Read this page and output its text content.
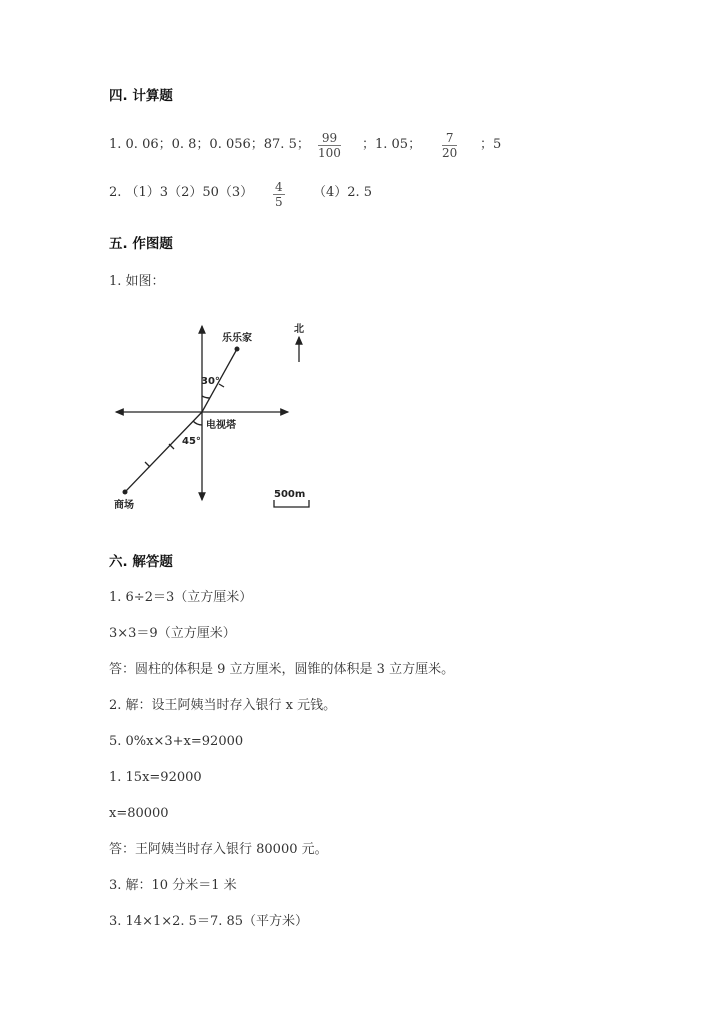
四. 计算题
1. 0. 06；0. 8；0. 056；87. 5； $\frac{99}{100}$ ；1. 05； $\frac{7}{20}$ ；5
2. $(1)3(2)50(3) \frac{4}{5} (4)2$. 5
五. 作图题
1. 如图：
乐乐家
北
30°
电视塔
45°
商场
500m
六. 解答题
1. 6÷2＝3（立方厘米）
3×3＝9（立方厘米）
答：圆柱的体积是 9 立方厘米，圆锥的体积是 3 立方厘米。
2. 解：设王阿姨当时存入银行 x 元钱。
5. 0%x×3+x=92000
1. 15x=92000
x=80000
答：王阿姨当时存入银行 80000 元。
3. 解：10 分米＝1 米
3. 14×1×2. 5＝7. 85（平方米）
